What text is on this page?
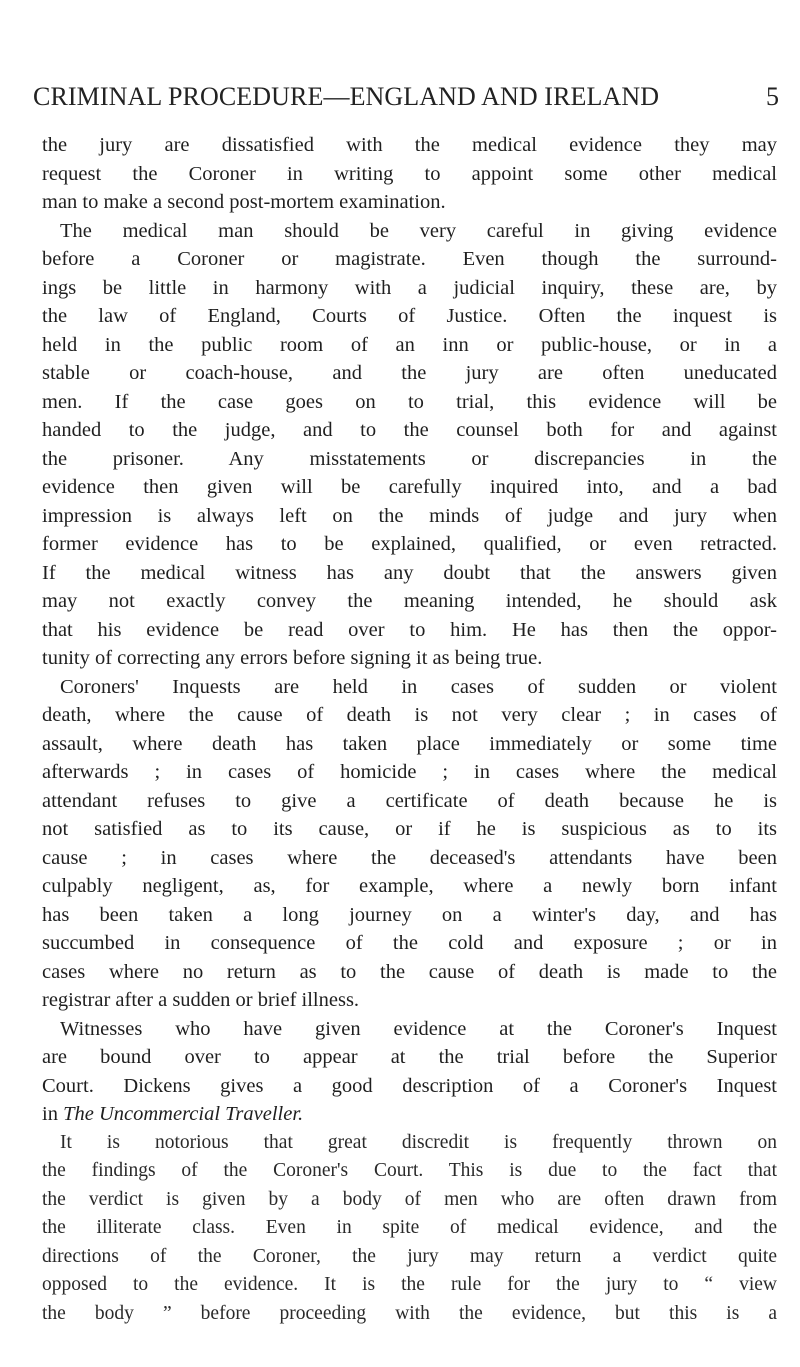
CRIMINAL PROCEDURE—ENGLAND AND IRELAND	5
the jury are dissatisfied with the medical evidence they may
request the Coroner in writing to appoint some other medical
man to make a second post-mortem examination.
The medical man should be very careful in giving evidence
before a Coroner or magistrate. Even though the surround-
ings be little in harmony with a judicial inquiry, these are, by
the law of England, Courts of Justice. Often the inquest is
held in the public room of an inn or public-house, or in a
stable or coach-house, and the jury are often uneducated
men. If the case goes on to trial, this evidence will be
handed to the judge, and to the counsel both for and against
the prisoner. Any misstatements or discrepancies in the
evidence then given will be carefully inquired into, and a bad
impression is always left on the minds of judge and jury when
former evidence has to be explained, qualified, or even retracted.
If the medical witness has any doubt that the answers given
may not exactly convey the meaning intended, he should ask
that his evidence be read over to him. He has then the oppor-
tunity of correcting any errors before signing it as being true.
Coroners' Inquests are held in cases of sudden or violent
death, where the cause of death is not very clear ; in cases of
assault, where death has taken place immediately or some time
afterwards ; in cases of homicide ; in cases where the medical
attendant refuses to give a certificate of death because he is
not satisfied as to its cause, or if he is suspicious as to its
cause ; in cases where the deceased's attendants have been
culpably negligent, as, for example, where a newly born infant
has been taken a long journey on a winter's day, and has
succumbed in consequence of the cold and exposure ; or in
cases where no return as to the cause of death is made to the
registrar after a sudden or brief illness.
Witnesses who have given evidence at the Coroner's Inquest
are bound over to appear at the trial before the Superior
Court. Dickens gives a good description of a Coroner's Inquest
in The Uncommercial Traveller.
It is notorious that great discredit is frequently thrown on
the findings of the Coroner's Court. This is due to the fact that
the verdict is given by a body of men who are often drawn from
the illiterate class. Even in spite of medical evidence, and the
directions of the Coroner, the jury may return a verdict quite
opposed to the evidence. It is the rule for the jury to “ view
the body ” before proceeding with the evidence, but this is a
